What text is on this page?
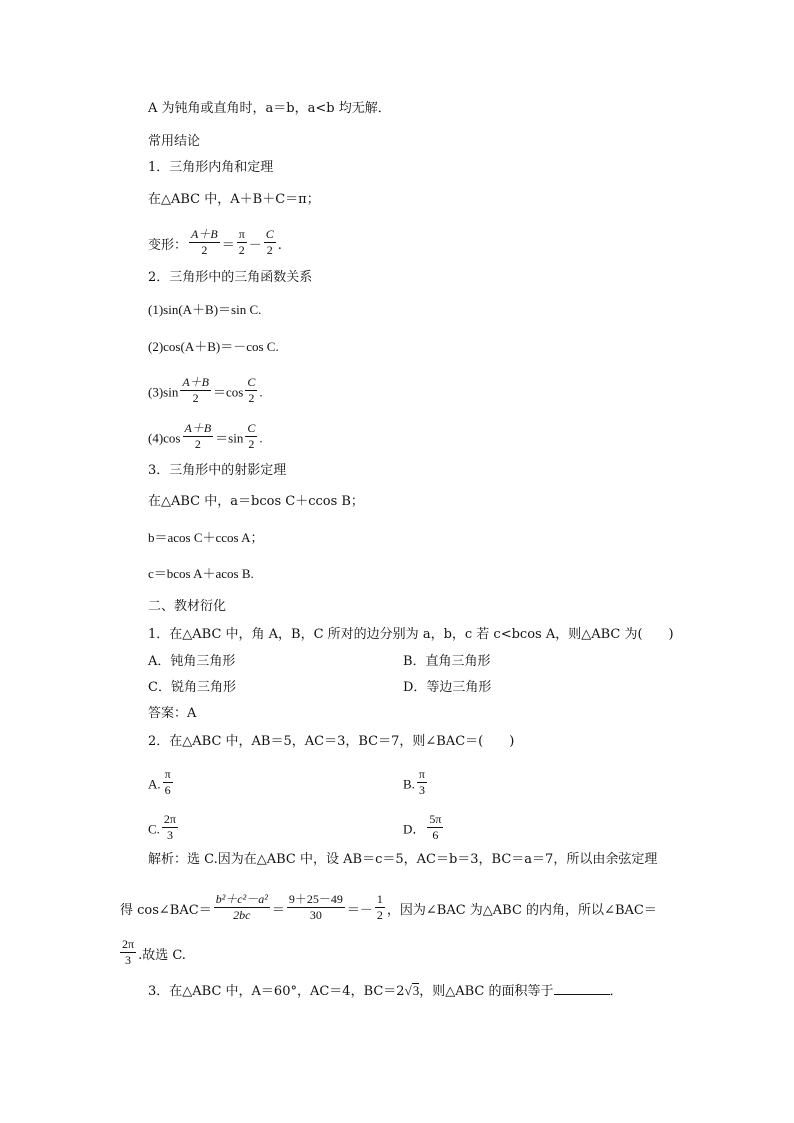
A 为钝角或直角时，a＝b，a<b 均无解．
常用结论
1．三角形内角和定理
在△ABC 中，A＋B＋C＝π；
变形： $\frac{A+B}{2} = \frac{\pi}{2} - \frac{C}{2}$ .
2．三角形中的三角函数关系
(1)sin(A＋B)＝sin C.
(2)cos(A＋B)＝－cos C.
$(3)\sin \frac{A+B}{2} =\cos \frac{C}{2}$ .
$(4)\cos \frac{A+B}{2} =\sin \frac{C}{2}$ .
3．三角形中的射影定理
在△ABC 中，a＝bcos C＋ccos B；
b＝acos C＋ccos A；
c＝bcos A＋acos B.
二、教材衍化
1．在△ABC 中，角 A，B，C 所对的边分别为 a，b，c 若 c<bcos A，则△ABC 为(　　)
A．钝角三角形	B．直角三角形
C．锐角三角形	D．等边三角形
答案：A
2．在△ABC 中，AB＝5，AC＝3，BC＝7，则∠BAC＝(　　)
A. $\frac{\pi}{6}$	B. $\frac{\pi}{3}$
C. $\frac{2\pi}{3}$	D． $\frac{5\pi}{6}$
解析：选 C.因为在△ABC 中，设 AB＝c＝5，AC＝b＝3，BC＝a＝7，所以由余弦定理
得 cos∠BAC＝ $\frac{\text{b²＋c²－a²}}{2bc} = \frac{9+25-49}{30} =- \frac{1}{2}$ ，因为∠BAC 为△ABC 的内角，所以∠BAC＝
$\frac{2\pi}{3}$ .故选 C.
3．在△ABC 中，A＝60°，AC＝4，BC＝2√3，则△ABC 的面积等于	．
